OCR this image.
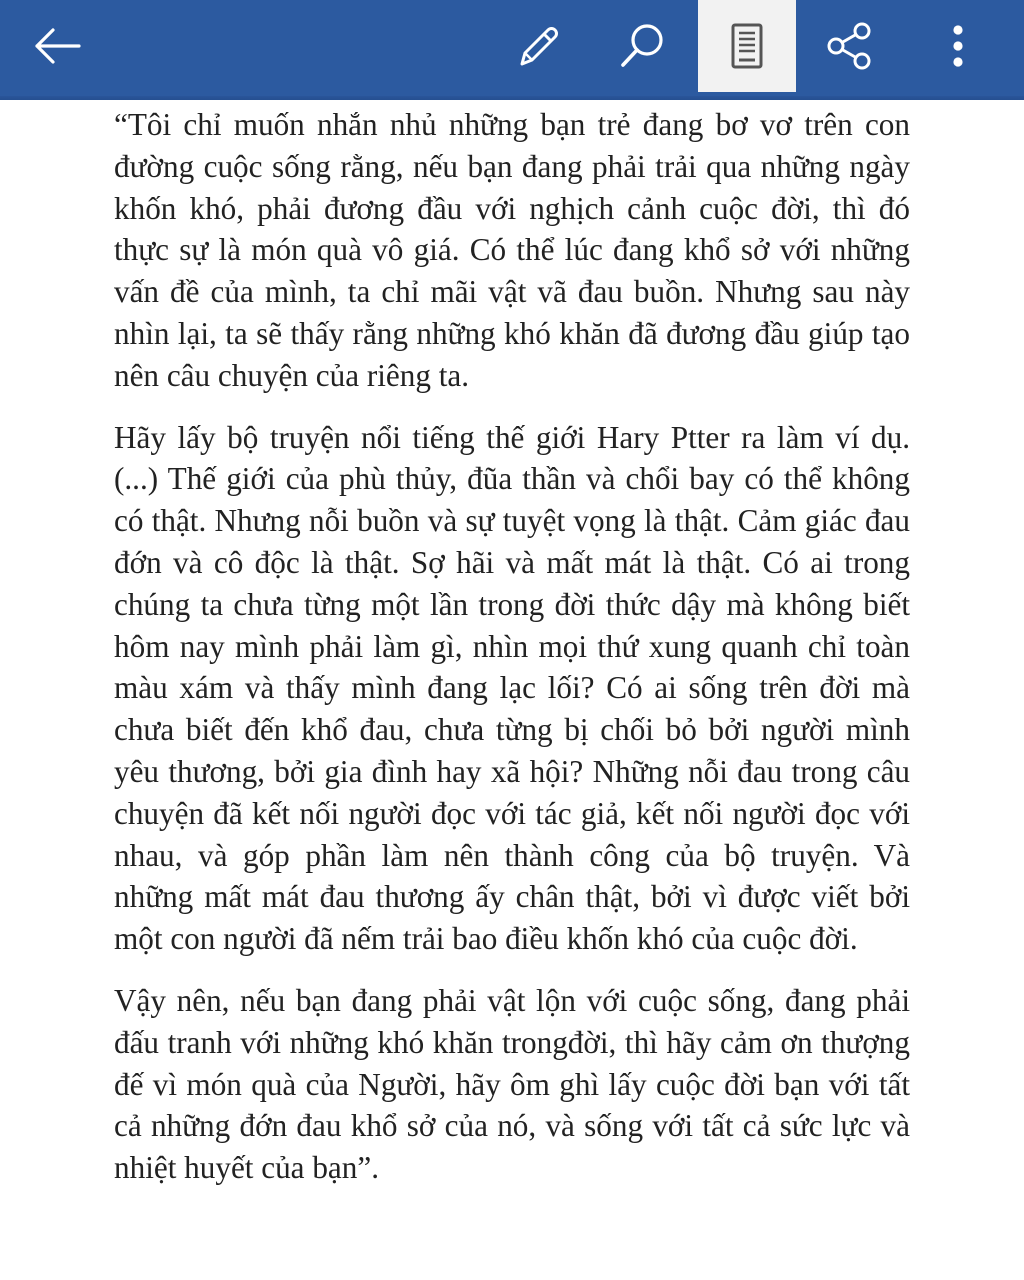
“Tôi chỉ muốn nhắn nhủ những bạn trẻ đang bơ vơ trên con đường cuộc sống rằng, nếu bạn đang phải trải qua những ngày khốn khó, phải đương đầu với nghịch cảnh cuộc đời, thì đó thực sự là món quà vô giá. Có thể lúc đang khổ sở với những vấn đề của mình, ta chỉ mãi vật vã đau buồn. Nhưng sau này nhìn lại, ta sẽ thấy rằng những khó khăn đã đương đầu giúp tạo nên câu chuyện của riêng ta.

Hãy lấy bộ truyện nổi tiếng thế giới Hary Ptter ra làm ví dụ. (...) Thế giới của phù thủy, đũa thần và chổi bay có thể không có thật. Nhưng nỗi buồn và sự tuyệt vọng là thật. Cảm giác đau đớn và cô độc là thật. Sợ hãi và mất mát là thật. Có ai trong chúng ta chưa từng một lần trong đời thức dậy mà không biết hôm nay mình phải làm gì, nhìn mọi thứ xung quanh chỉ toàn màu xám và thấy mình đang lạc lối? Có ai sống trên đời mà chưa biết đến khổ đau, chưa từng bị chối bỏ bởi người mình yêu thương, bởi gia đình hay xã hội? Những nỗi đau trong câu chuyện đã kết nối người đọc với tác giả, kết nối người đọc với nhau, và góp phần làm nên thành công của bộ truyện. Và những mất mát đau thương ấy chân thật, bởi vì được viết bởi một con người đã nếm trải bao điều khốn khó của cuộc đời.

Vậy nên, nếu bạn đang phải vật lộn với cuộc sống, đang phải đấu tranh với những khó khăn trongđời, thì hãy cảm ơn thượng đế vì món quà của Người, hãy ôm ghì lấy cuộc đời bạn với tất cả những đớn đau khổ sở của nó, và sống với tất cả sức lực và nhiệt huyết của bạn”.
